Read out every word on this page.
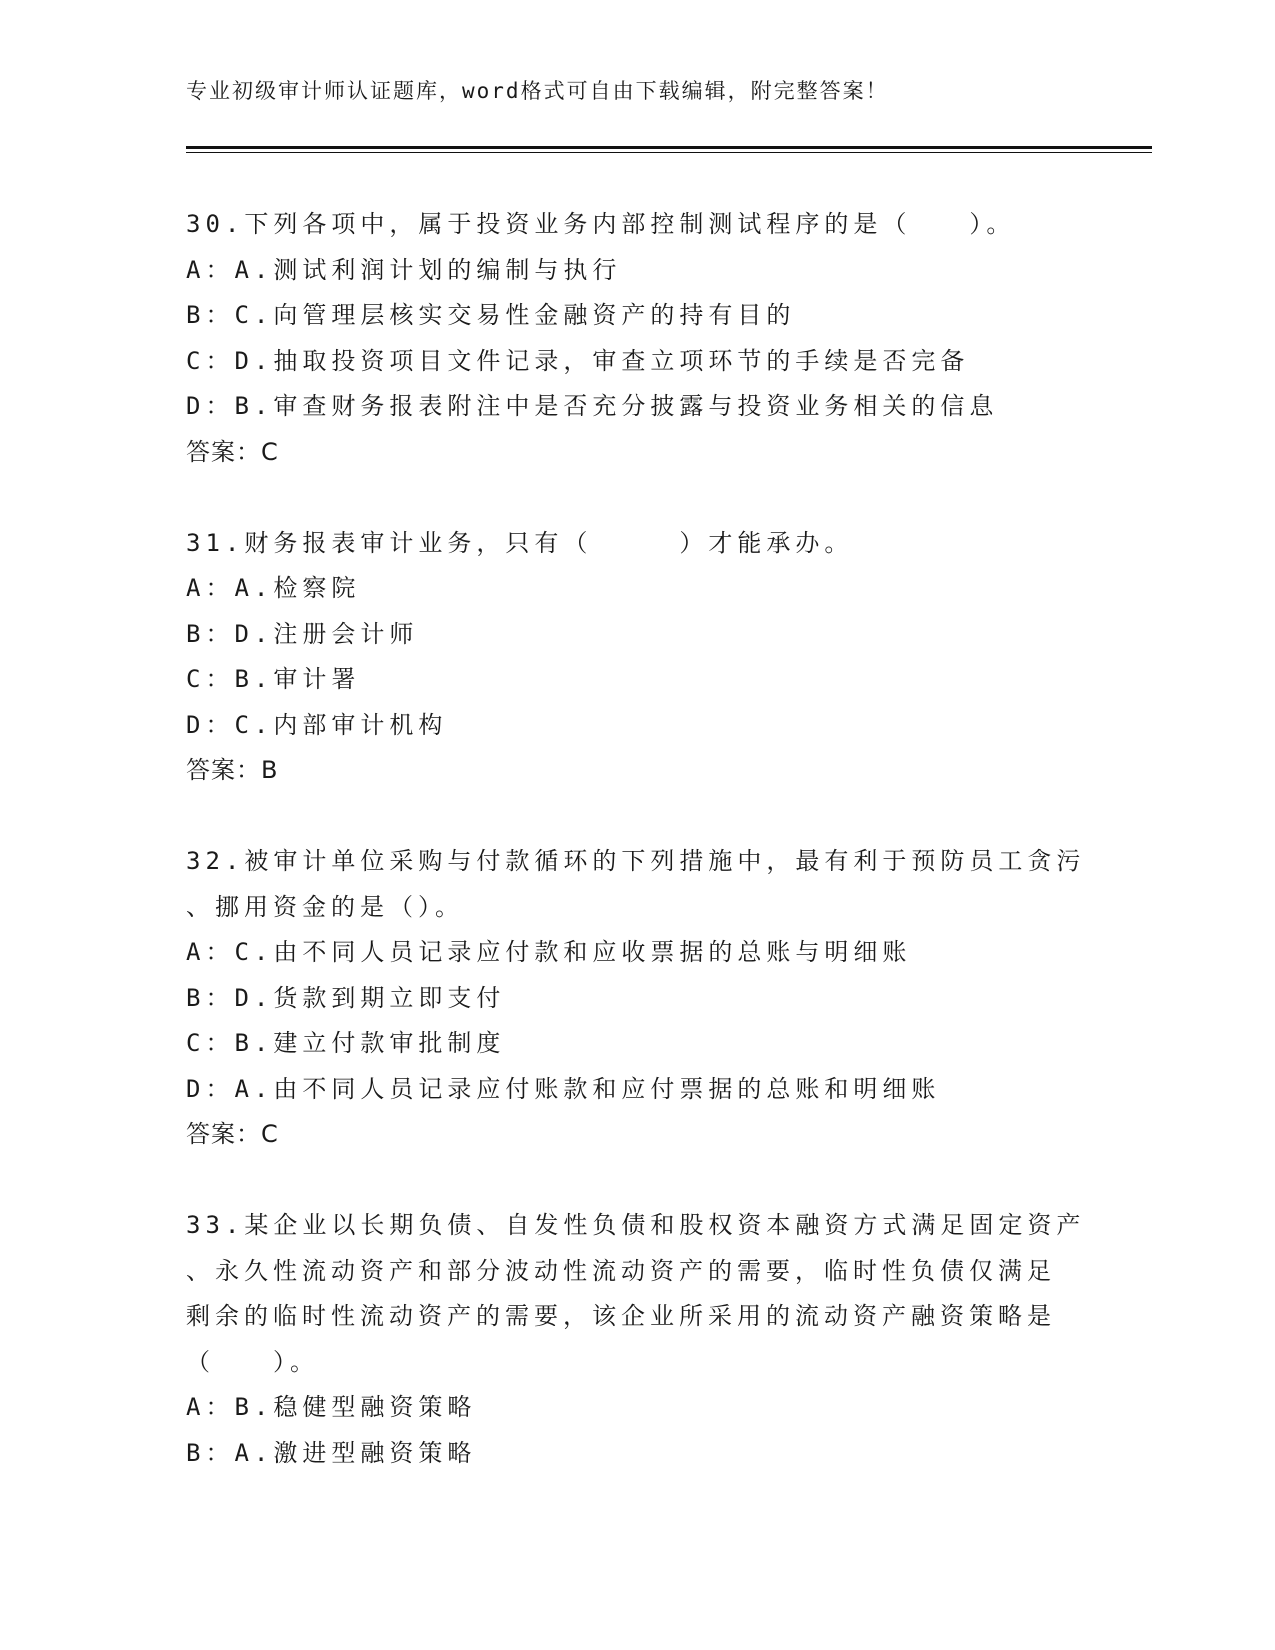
专业初级审计师认证题库，word格式可自由下载编辑，附完整答案！
30.下列各项中，属于投资业务内部控制测试程序的是（　　）。
A：A.测试利润计划的编制与执行
B：C.向管理层核实交易性金融资产的持有目的
C：D.抽取投资项目文件记录，审查立项环节的手续是否完备
D：B.审查财务报表附注中是否充分披露与投资业务相关的信息
答案：C
31.财务报表审计业务，只有（　　　）才能承办。
A：A.检察院
B：D.注册会计师
C：B.审计署
D：C.内部审计机构
答案：B
32.被审计单位采购与付款循环的下列措施中，最有利于预防员工贪污
、挪用资金的是（）。
A：C.由不同人员记录应付款和应收票据的总账与明细账
B：D.货款到期立即支付
C：B.建立付款审批制度
D：A.由不同人员记录应付账款和应付票据的总账和明细账
答案：C
33.某企业以长期负债、自发性负债和股权资本融资方式满足固定资产
、永久性流动资产和部分波动性流动资产的需要，临时性负债仅满足
剩余的临时性流动资产的需要，该企业所采用的流动资产融资策略是
（　　）。
A：B.稳健型融资策略
B：A.激进型融资策略
